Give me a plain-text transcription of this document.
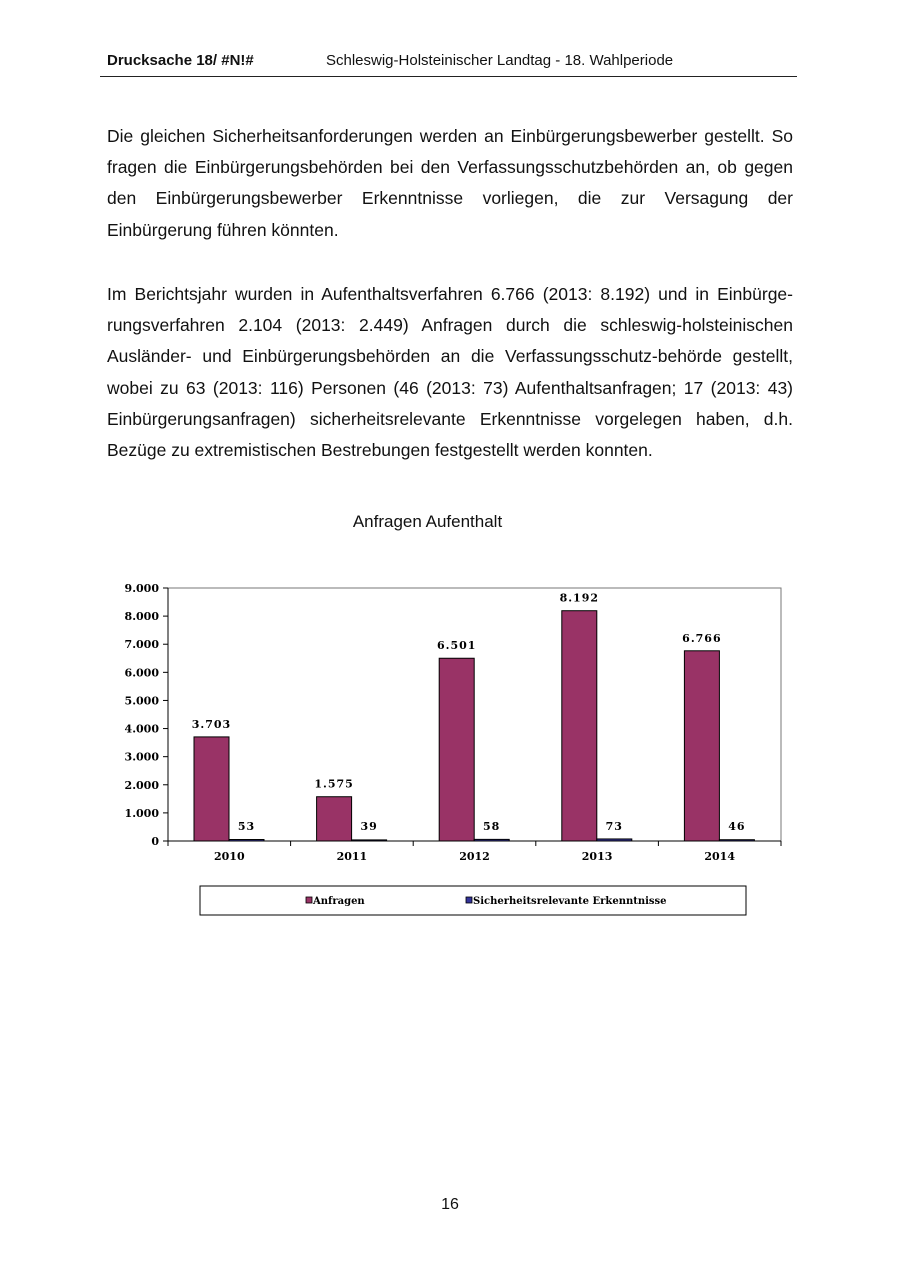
Drucksache 18/ #N!#	Schleswig-Holsteinischer Landtag - 18. Wahlperiode

Die gleichen Sicherheitsanforderungen werden an Einbürgerungsbewerber gestellt. So fragen die Einbürgerungsbehörden bei den Verfassungsschutzbehörden an, ob gegen den Einbürgerungsbewerber Erkenntnisse vorliegen, die zur Versagung der Einbürgerung führen könnten.

Im Berichtsjahr wurden in Aufenthaltsverfahren 6.766 (2013: 8.192) und in Einbürgerungsverfahren 2.104 (2013: 2.449) Anfragen durch die schleswig-holsteinischen Ausländer- und Einbürgerungsbehörden an die Verfassungsschutz-behörde gestellt, wobei zu 63 (2013: 116) Personen (46 (2013: 73) Aufenthaltsanfragen; 17 (2013: 43) Einbürgerungsanfragen) sicherheitsrelevante Erkenntnisse vorgelegen haben, d.h. Bezüge zu extremistischen Bestrebungen festgestellt werden konnten.

Anfragen Aufenthalt
0
1.000
2.000
3.000
4.000
5.000
6.000
7.000
8.000
9.000
3.703
53
2010
1.575
39
2011
6.501
58
2012
8.192
73
2013
6.766
46
2014
Anfragen	Sicherheitsrelevante Erkenntnisse
16
